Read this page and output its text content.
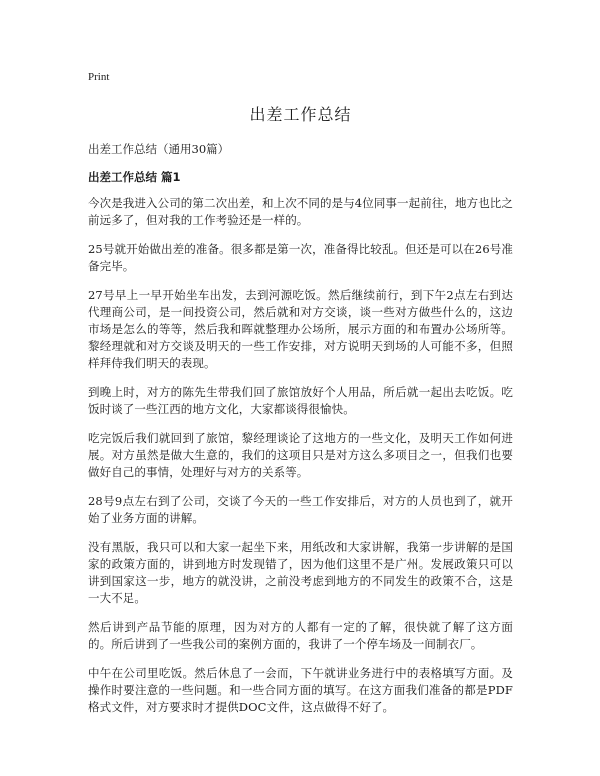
Print
出差工作总结
出差工作总结（通用30篇）
出差工作总结 篇1

今次是我进入公司的第二次出差，和上次不同的是与4位同事一起前往，地方也比之前远多了，但对我的工作考验还是一样的。

25号就开始做出差的准备。很多都是第一次，准备得比较乱。但还是可以在26号准备完毕。

27号早上一早开始坐车出发，去到河源吃饭。然后继续前行，到下午2点左右到达代理商公司，是一间投资公司，然后就和对方交谈，谈一些对方做些什么的，这边市场是怎么的等等，然后我和晖就整理办公场所，展示方面的和布置办公场所等。黎经理就和对方交谈及明天的一些工作安排，对方说明天到场的人可能不多，但照样拜侍我们明天的表现。

到晚上时，对方的陈先生带我们回了旅馆放好个人用品，所后就一起出去吃饭。吃饭时谈了一些江西的地方文化，大家都谈得很愉快。

吃完饭后我们就回到了旅馆，黎经理谈论了这地方的一些文化，及明天工作如何进展。对方虽然是做大生意的，我们的这项目只是对方这么多项目之一，但我们也要做好自己的事情，处理好与对方的关系等。

28号9点左右到了公司，交谈了今天的一些工作安排后，对方的人员也到了，就开始了业务方面的讲解。

没有黑版，我只可以和大家一起坐下来，用纸改和大家讲解，我第一步讲解的是国家的政策方面的，讲到地方时发现错了，因为他们这里不是广州。发展政策只可以讲到国家这一步，地方的就没讲，之前没考虑到地方的不同发生的政策不合，这是一大不足。

然后讲到产品节能的原理，因为对方的人都有一定的了解，很快就了解了这方面的。所后讲到了一些我公司的案例方面的，我讲了一个停车场及一间制衣厂。

中午在公司里吃饭。然后休息了一会而，下午就讲业务进行中的表格填写方面。及操作时要注意的一些问题。和一些合同方面的填写。在这方面我们准备的都是PDF格式文件，对方要求时才提供DOC文件，这点做得不好了。
